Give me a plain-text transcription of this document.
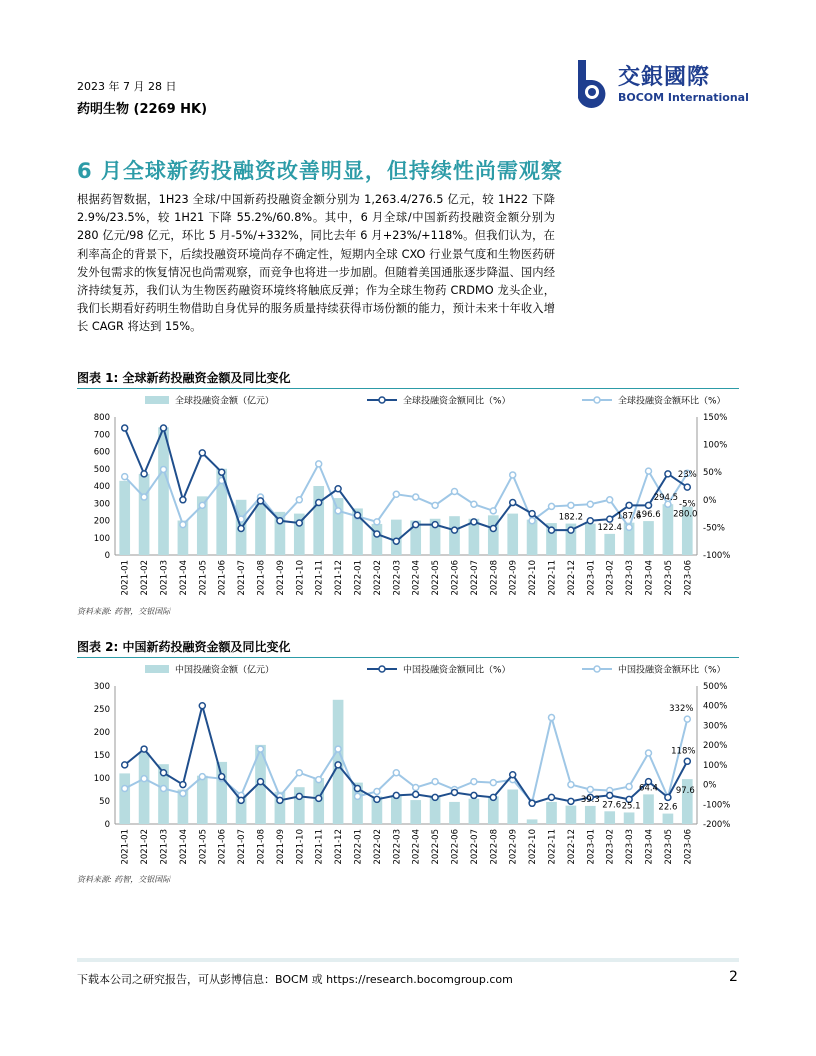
2023 年 7 月 28 日
药明生物 (2269 HK)
交銀國際
BOCOM International
6 月全球新药投融资改善明显，但持续性尚需观察
根据药智数据，1H23 全球/中国新药投融资金额分别为 1,263.4/276.5 亿元，较 1H22 下降 2.9%/23.5%，较 1H21 下降 55.2%/60.8%。其中，6 月全球/中国新药投融资金额分别为 280 亿元/98 亿元，环比 5 月-5%/+332%，同比去年 6 月+23%/+118%。但我们认为，在利率高企的背景下，后续投融资环境尚存不确定性，短期内全球 CXO 行业景气度和生物医药研发外包需求的恢复情况也尚需观察，而竞争也将进一步加剧。但随着美国通胀逐步降温、国内经济持续复苏，我们认为生物医药融资环境终将触底反弹；作为全球生物药 CRDMO 龙头企业，我们长期看好药明生物借助自身优异的服务质量持续获得市场份额的能力，预计未来十年收入增长 CAGR 将达到 15%。
图表 1: 全球新药投融资金额及同比变化
全球投融资金额（亿元）	全球投融资金额同比（%）	全球投融资金额环比（%）
0
100
200
300
400
500
600
700
800
-100%
-50%
0%
50%
100%
150%
2021-01 2021-02 2021-03 2021-04 2021-05 2021-06 2021-07 2021-08 2021-09 2021-10 2021-11 2021-12 2022-01 2022-02 2022-03 2022-04 2022-05 2022-06 2022-07 2022-08 2022-09 2022-10 2022-11 2022-12 2023-01 2023-02 2023-03 2023-04 2023-05 2023-06
182.2
122.4
187.6
196.6
294.5
280.0
23%
-5%
资料来源: 药智，交银国际
图表 2: 中国新药投融资金额及同比变化
中国投融资金额（亿元）	中国投融资金额同比（%）	中国投融资金额环比（%）
0
50
100
150
200
250
300
-200%
-100%
0%
100%
200%
300%
400%
500%
2021-01 2021-02 2021-03 2021-04 2021-05 2021-06 2021-07 2021-08 2021-09 2021-10 2021-11 2021-12 2022-01 2022-02 2022-03 2022-04 2022-05 2022-06 2022-07 2022-08 2022-09 2022-10 2022-11 2022-12 2023-01 2023-02 2023-03 2023-04 2023-05 2023-06
39.3
27.6 25.1
64.4
22.6
97.6
332%
118%
资料来源: 药智，交银国际
下载本公司之研究报告，可从彭博信息：BOCM 或 https://research.bocomgroup.com	2
